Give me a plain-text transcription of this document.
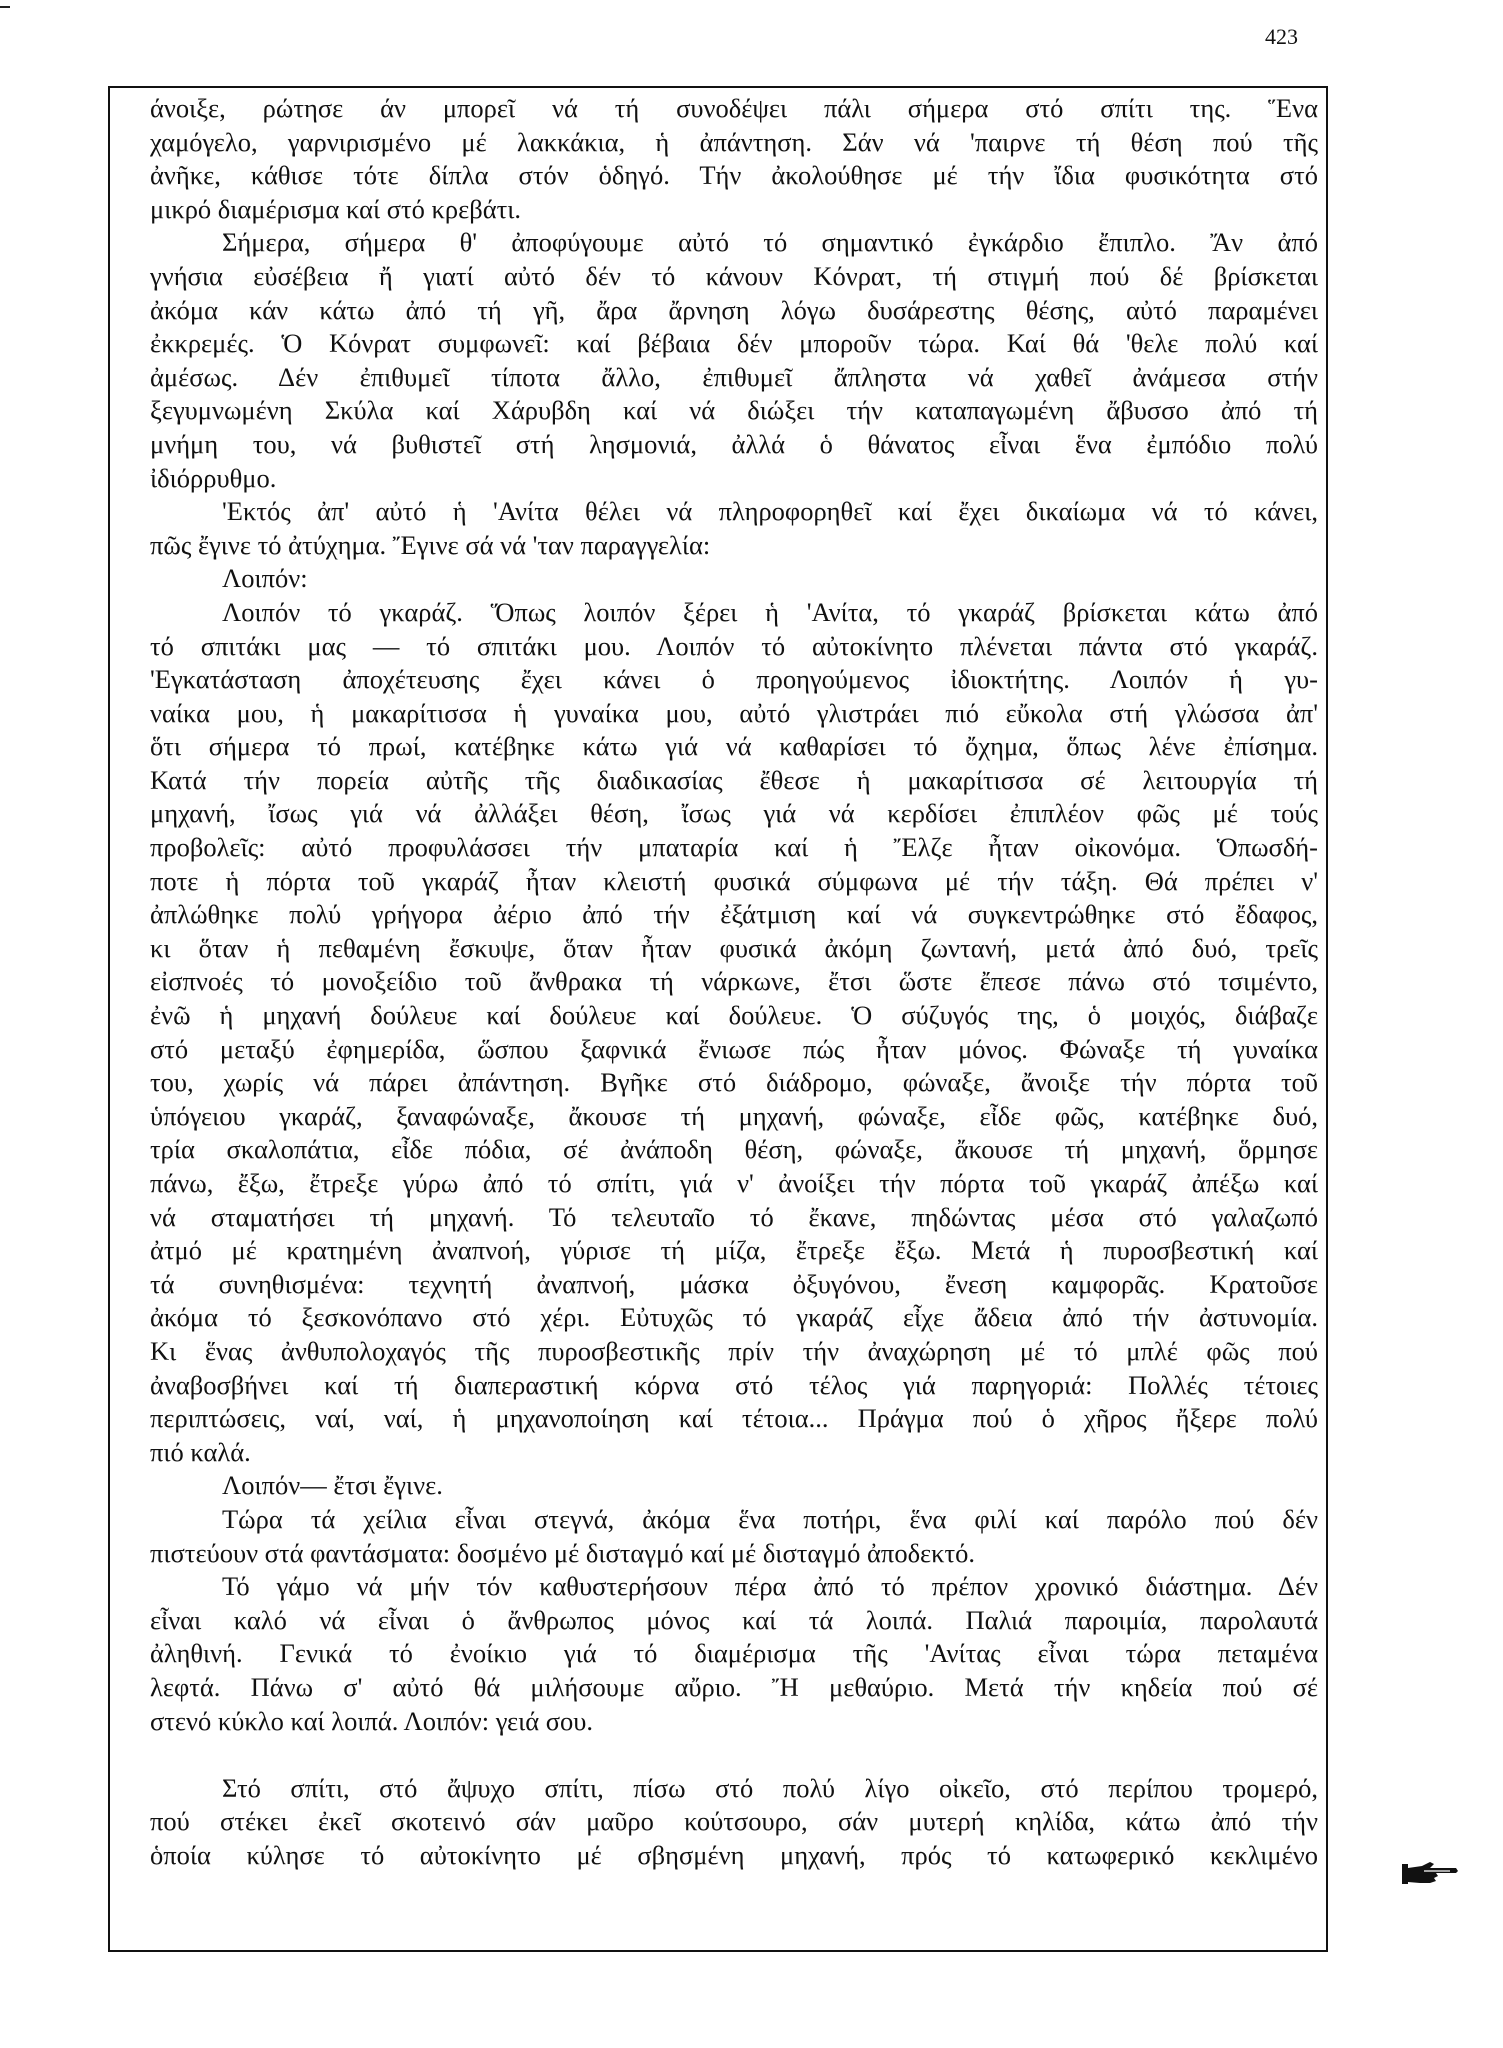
423
άνοιξε, ρώτησε άν μπορεῖ νά τή συνοδέψει πάλι σήμερα στό σπίτι της. Ἕνα
χαμόγελο, γαρνιρισμένο μέ λακκάκια, ἡ ἀπάντηση. Σάν νά 'παιρνε τή θέση πού τῆς
ἀνῆκε, κάθισε τότε δίπλα στόν ὁδηγό. Τήν ἀκολούθησε μέ τήν ἴδια φυσικότητα στό
μικρό διαμέρισμα καί στό κρεβάτι.
Σήμερα, σήμερα θ' ἀποφύγουμε αὐτό τό σημαντικό ἐγκάρδιο ἔπιπλο. Ἄν ἀπό
γνήσια εὐσέβεια ἤ γιατί αὐτό δέν τό κάνουν Κόνρατ, τή στιγμή πού δέ βρίσκεται
ἀκόμα κάν κάτω ἀπό τή γῆ, ἄρα ἄρνηση λόγω δυσάρεστης θέσης, αὐτό παραμένει
ἐκκρεμές. Ὁ Κόνρατ συμφωνεῖ: καί βέβαια δέν μποροῦν τώρα. Καί θά 'θελε πολύ καί
ἀμέσως. Δέν ἐπιθυμεῖ τίποτα ἄλλο, ἐπιθυμεῖ ἄπληστα νά χαθεῖ ἀνάμεσα στήν
ξεγυμνωμένη Σκύλα καί Χάρυβδη καί νά διώξει τήν καταπαγωμένη ἄβυσσο ἀπό τή
μνήμη του, νά βυθιστεῖ στή λησμονιά, ἀλλά ὁ θάνατος εἶναι ἕνα ἐμπόδιο πολύ
ἰδιόρρυθμο.
'Εκτός ἀπ' αὐτό ἡ 'Ανίτα θέλει νά πληροφορηθεῖ καί ἔχει δικαίωμα νά τό κάνει,
πῶς ἔγινε τό ἀτύχημα. Ἔγινε σά νά 'ταν παραγγελία:
Λοιπόν:
Λοιπόν τό γκαράζ. Ὅπως λοιπόν ξέρει ἡ 'Ανίτα, τό γκαράζ βρίσκεται κάτω ἀπό
τό σπιτάκι μας — τό σπιτάκι μου. Λοιπόν τό αὐτοκίνητο πλένεται πάντα στό γκαράζ.
'Εγκατάσταση ἀποχέτευσης ἔχει κάνει ὁ προηγούμενος ἰδιοκτήτης. Λοιπόν ἡ γυ-
ναίκα μου, ἡ μακαρίτισσα ἡ γυναίκα μου, αὐτό γλιστράει πιό εὔκολα στή γλώσσα ἀπ'
ὅτι σήμερα τό πρωί, κατέβηκε κάτω γιά νά καθαρίσει τό ὄχημα, ὅπως λένε ἐπίσημα.
Κατά τήν πορεία αὐτῆς τῆς διαδικασίας ἔθεσε ἡ μακαρίτισσα σέ λειτουργία τή
μηχανή, ἴσως γιά νά ἀλλάξει θέση, ἴσως γιά νά κερδίσει ἐπιπλέον φῶς μέ τούς
προβολεῖς: αὐτό προφυλάσσει τήν μπαταρία καί ἡ Ἔλζε ἦταν οἰκονόμα. Ὁπωσδή-
ποτε ἡ πόρτα τοῦ γκαράζ ἦταν κλειστή φυσικά σύμφωνα μέ τήν τάξη. Θά πρέπει ν'
ἀπλώθηκε πολύ γρήγορα ἀέριο ἀπό τήν ἐξάτμιση καί νά συγκεντρώθηκε στό ἔδαφος,
κι ὅταν ἡ πεθαμένη ἔσκυψε, ὅταν ἦταν φυσικά ἀκόμη ζωντανή, μετά ἀπό δυό, τρεῖς
εἰσπνοές τό μονοξείδιο τοῦ ἄνθρακα τή νάρκωνε, ἔτσι ὥστε ἔπεσε πάνω στό τσιμέντο,
ἐνῶ ἡ μηχανή δούλευε καί δούλευε καί δούλευε. Ὁ σύζυγός της, ὁ μοιχός, διάβαζε
στό μεταξύ ἐφημερίδα, ὥσπου ξαφνικά ἔνιωσε πώς ἦταν μόνος. Φώναξε τή γυναίκα
του, χωρίς νά πάρει ἀπάντηση. Βγῆκε στό διάδρομο, φώναξε, ἄνοιξε τήν πόρτα τοῦ
ὑπόγειου γκαράζ, ξαναφώναξε, ἄκουσε τή μηχανή, φώναξε, εἶδε φῶς, κατέβηκε δυό,
τρία σκαλοπάτια, εἶδε πόδια, σέ ἀνάποδη θέση, φώναξε, ἄκουσε τή μηχανή, ὅρμησε
πάνω, ἔξω, ἔτρεξε γύρω ἀπό τό σπίτι, γιά ν' ἀνοίξει τήν πόρτα τοῦ γκαράζ ἀπέξω καί
νά σταματήσει τή μηχανή. Τό τελευταῖο τό ἔκανε, πηδώντας μέσα στό γαλαζωπό
ἀτμό μέ κρατημένη ἀναπνοή, γύρισε τή μίζα, ἔτρεξε ἔξω. Μετά ἡ πυροσβεστική καί
τά συνηθισμένα: τεχνητή ἀναπνοή, μάσκα ὀξυγόνου, ἔνεση καμφορᾶς. Κρατοῦσε
ἀκόμα τό ξεσκονόπανο στό χέρι. Εὐτυχῶς τό γκαράζ εἶχε ἄδεια ἀπό τήν ἀστυνομία.
Κι ἕνας ἀνθυπολοχαγός τῆς πυροσβεστικῆς πρίν τήν ἀναχώρηση μέ τό μπλέ φῶς πού
ἀναβοσβήνει καί τή διαπεραστική κόρνα στό τέλος γιά παρηγοριά: Πολλές τέτοιες
περιπτώσεις, ναί, ναί, ἡ μηχανοποίηση καί τέτοια... Πράγμα πού ὁ χῆρος ἤξερε πολύ
πιό καλά.
Λοιπόν— ἔτσι ἔγινε.
Τώρα τά χείλια εἶναι στεγνά, ἀκόμα ἕνα ποτήρι, ἕνα φιλί καί παρόλο πού δέν
πιστεύουν στά φαντάσματα: δοσμένο μέ δισταγμό καί μέ δισταγμό ἀποδεκτό.
Τό γάμο νά μήν τόν καθυστερήσουν πέρα ἀπό τό πρέπον χρονικό διάστημα. Δέν
εἶναι καλό νά εἶναι ὁ ἄνθρωπος μόνος καί τά λοιπά. Παλιά παροιμία, παρολαυτά
ἀληθινή. Γενικά τό ἐνοίκιο γιά τό διαμέρισμα τῆς 'Ανίτας εἶναι τώρα πεταμένα
λεφτά. Πάνω σ' αὐτό θά μιλήσουμε αὔριο. Ἤ μεθαύριο. Μετά τήν κηδεία πού σέ
στενό κύκλο καί λοιπά. Λοιπόν: γειά σου.
Στό σπίτι, στό ἄψυχο σπίτι, πίσω στό πολύ λίγο οἰκεῖο, στό περίπου τρομερό,
πού στέκει ἐκεῖ σκοτεινό σάν μαῦρο κούτσουρο, σάν μυτερή κηλίδα, κάτω ἀπό τήν
ὁποία κύλησε τό αὐτοκίνητο μέ σβησμένη μηχανή, πρός τό κατωφερικό κεκλιμένο
